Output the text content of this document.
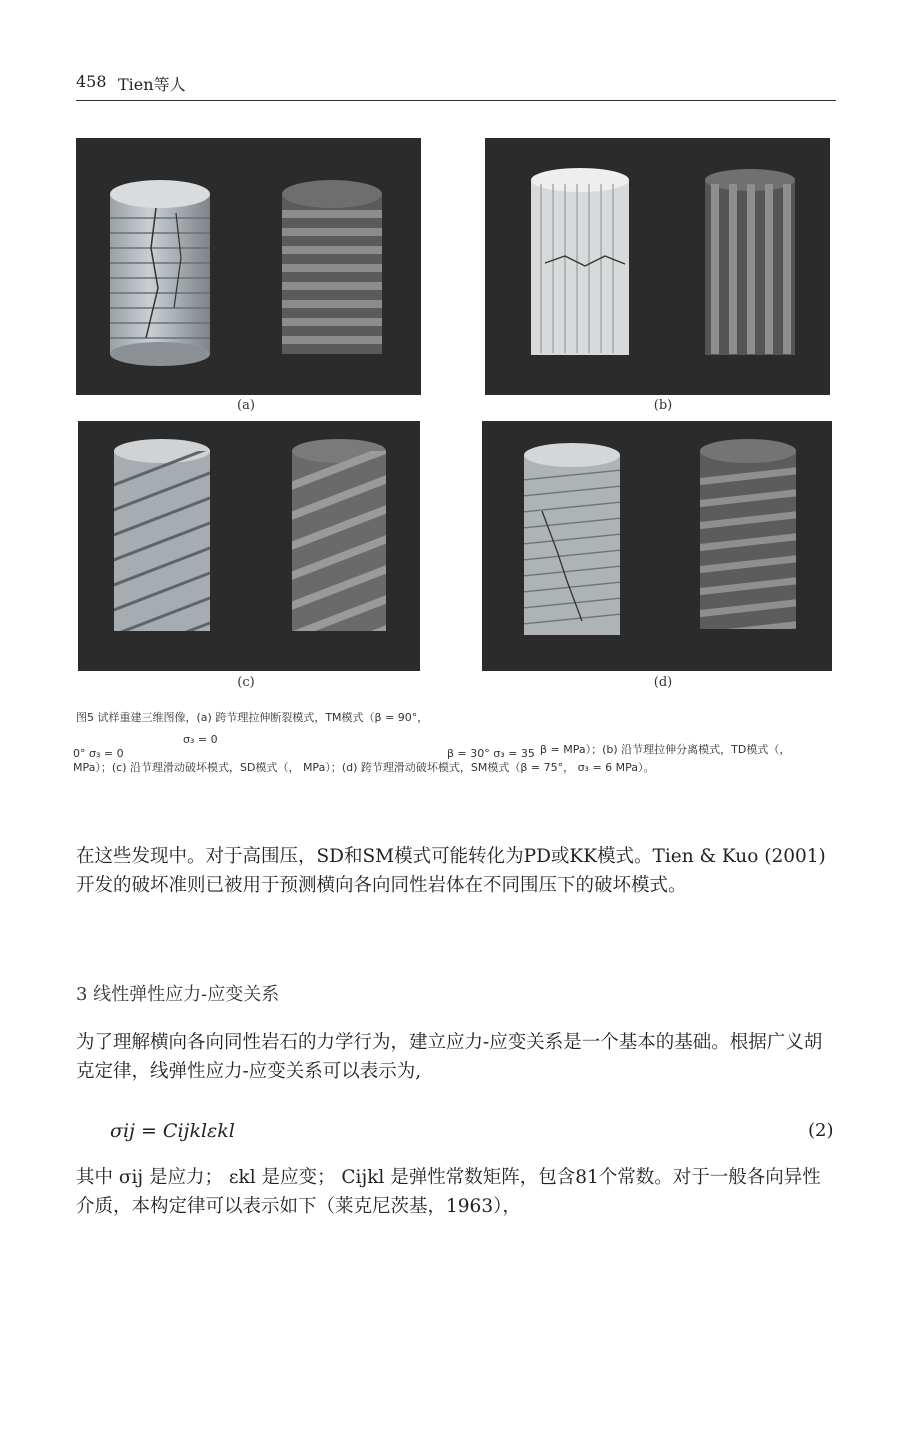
458 Tien等人
(a)	(b)
(c)	(d)
图5 试样重建三维图像，(a) 跨节理拉伸断裂模式，TM模式（β = 90°，
σ₃ = 0
β = MPa）；(b) 沿节理拉伸分离模式，TD模式（，
0° σ₃ = 0	β = 30° σ₃ = 35
MPa）；(c) 沿节理滑动破坏模式，SD模式（， MPa）；(d) 跨节理滑动破坏模式，SM模式（β = 75°， σ₃ = 6 MPa）。
在这些发现中。对于高围压，SD和SM模式可能转化为PD或KK模式。Tien & Kuo (2001)开发的破坏准则已被用于预测横向各向同性岩体在不同围压下的破坏模式。
3 线性弹性应力-应变关系
为了理解横向各向同性岩石的力学行为，建立应力-应变关系是一个基本的基础。根据广义胡克定律，线弹性应力-应变关系可以表示为,
σij = Cijklεkl	(2)
其中 σij 是应力； εkl 是应变； Cijkl 是弹性常数矩阵，包含81个常数。对于一般各向异性介质，本构定律可以表示如下（莱克尼茨基，1963），
